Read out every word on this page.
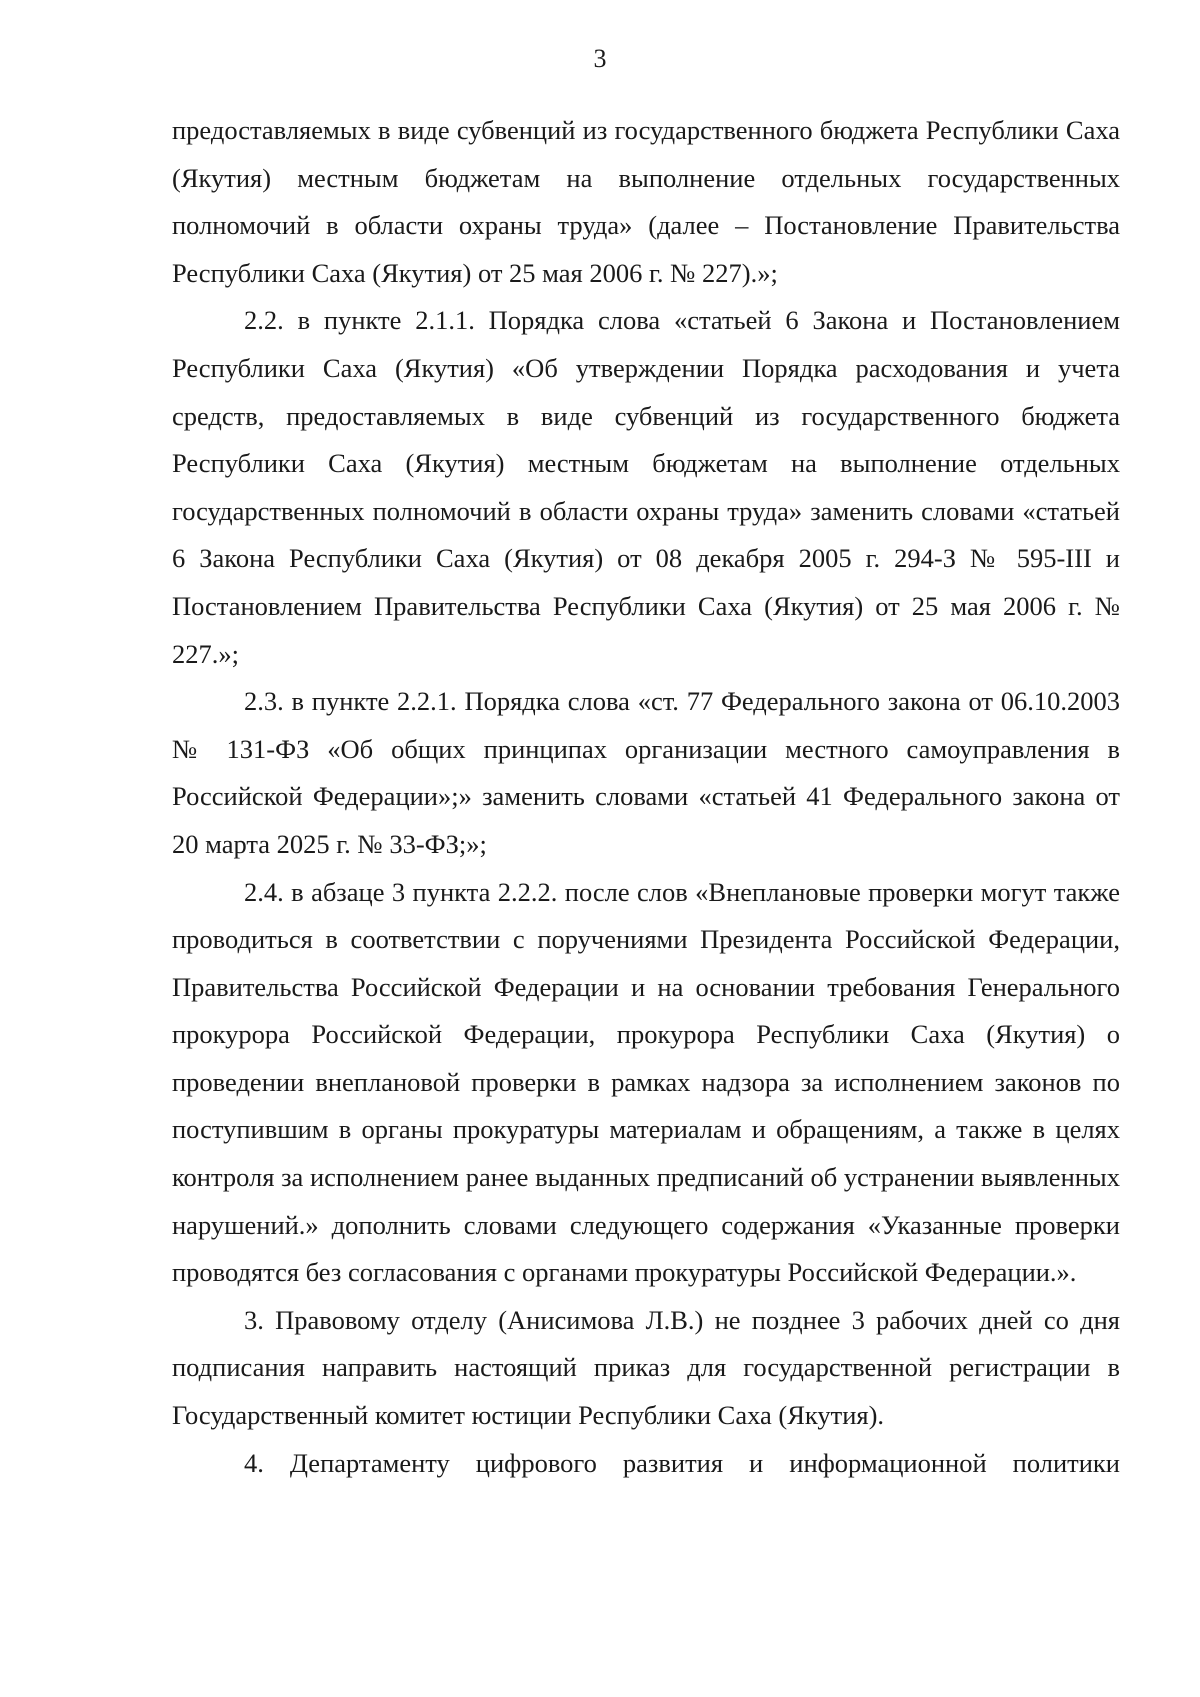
3

предоставляемых в виде субвенций из государственного бюджета Республики Саха (Якутия) местным бюджетам на выполнение отдельных государственных полномочий в области охраны труда» (далее – Постановление Правительства Республики Саха (Якутия) от 25 мая 2006 г. № 227).»;

2.2. в пункте 2.1.1. Порядка слова «статьей 6 Закона и Постановлением Республики Саха (Якутия) «Об утверждении Порядка расходования и учета средств, предоставляемых в виде субвенций из государственного бюджета Республики Саха (Якутия) местным бюджетам на выполнение отдельных государственных полномочий в области охраны труда» заменить словами «статьей 6 Закона Республики Саха (Якутия) от 08 декабря 2005 г. 294-З № 595-III и Постановлением Правительства Республики Саха (Якутия) от 25 мая 2006 г. № 227.»;

2.3. в пункте 2.2.1. Порядка слова «ст. 77 Федерального закона от 06.10.2003 № 131-ФЗ «Об общих принципах организации местного самоуправления в Российской Федерации»;» заменить словами «статьей 41 Федерального закона от 20 марта 2025 г. № 33-ФЗ;»;

2.4. в абзаце 3 пункта 2.2.2. после слов «Внеплановые проверки могут также проводиться в соответствии с поручениями Президента Российской Федерации, Правительства Российской Федерации и на основании требования Генерального прокурора Российской Федерации, прокурора Республики Саха (Якутия) о проведении внеплановой проверки в рамках надзора за исполнением законов по поступившим в органы прокуратуры материалам и обращениям, а также в целях контроля за исполнением ранее выданных предписаний об устранении выявленных нарушений.» дополнить словами следующего содержания «Указанные проверки проводятся без согласования с органами прокуратуры Российской Федерации.».

3. Правовому отделу (Анисимова Л.В.) не позднее 3 рабочих дней со дня подписания направить настоящий приказ для государственной регистрации в Государственный комитет юстиции Республики Саха (Якутия).

4. Департаменту цифрового развития и информационной политики
